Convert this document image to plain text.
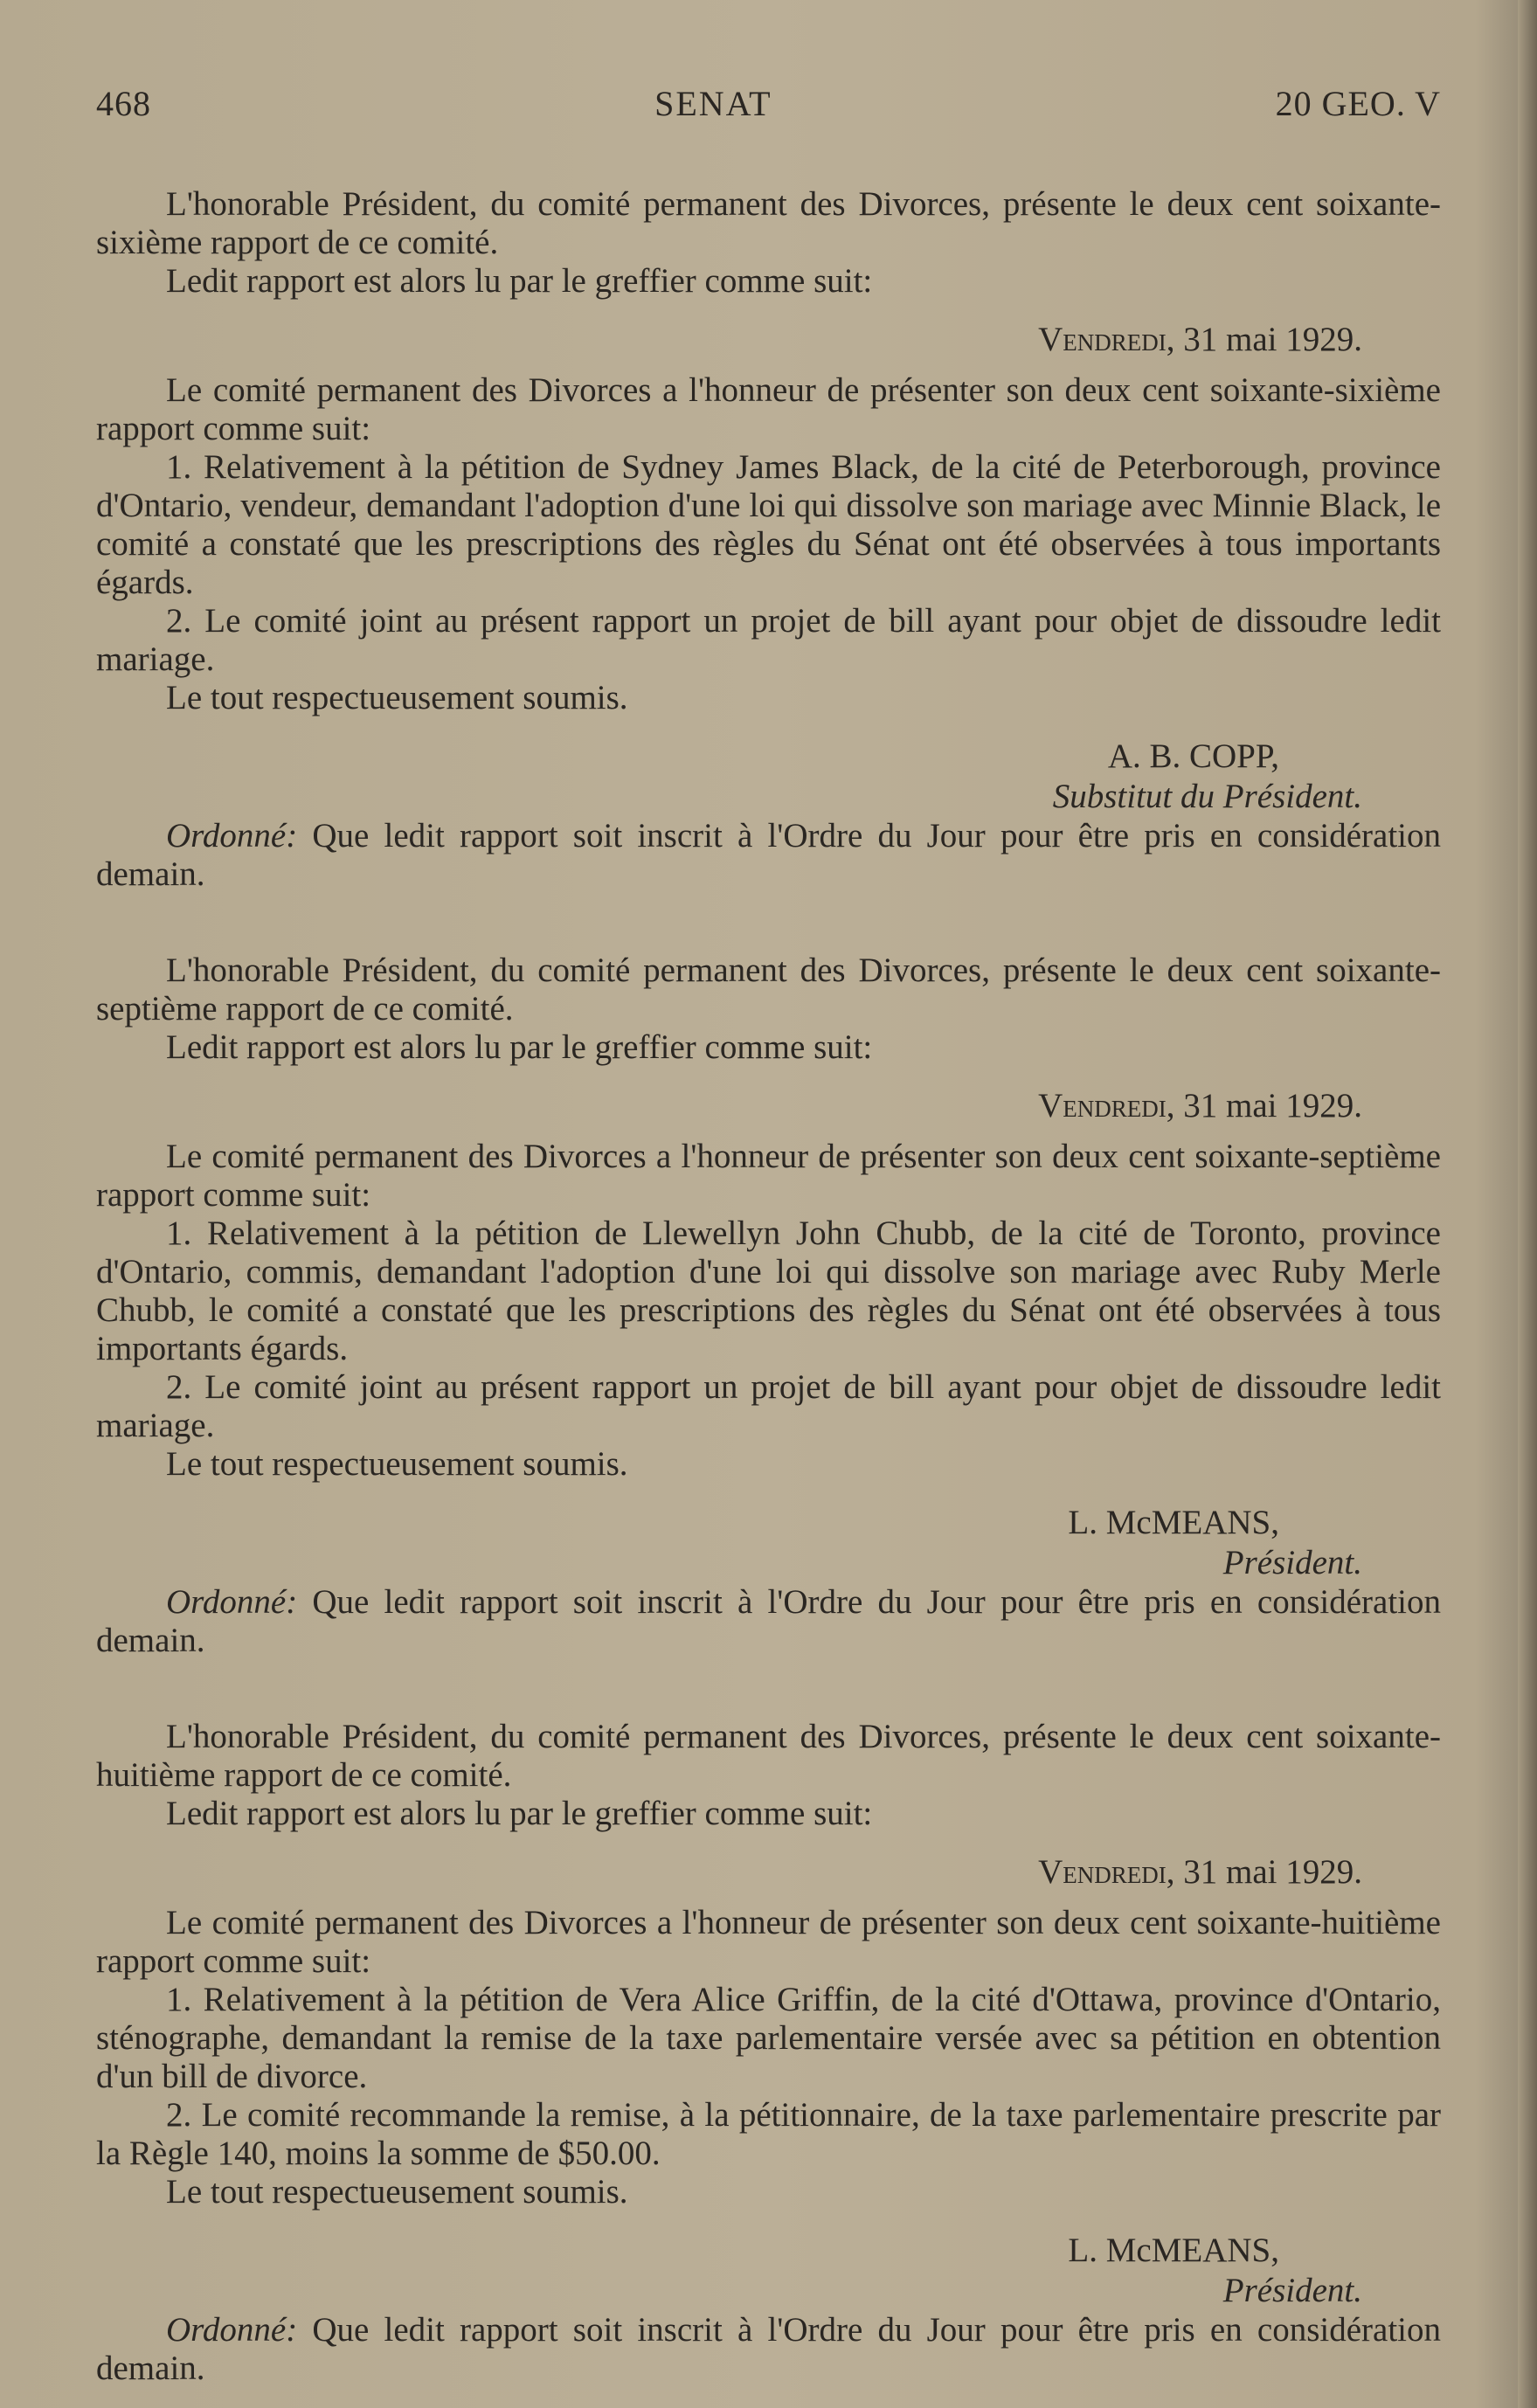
468	SENAT	20 GEO. V

L'honorable Président, du comité permanent des Divorces, présente le deux cent soixante-sixième rapport de ce comité.

Ledit rapport est alors lu par le greffier comme suit:

Vendredi, 31 mai 1929.

Le comité permanent des Divorces a l'honneur de présenter son deux cent soixante-sixième rapport comme suit:

1. Relativement à la pétition de Sydney James Black, de la cité de Peterborough, province d'Ontario, vendeur, demandant l'adoption d'une loi qui dissolve son mariage avec Minnie Black, le comité a constaté que les prescriptions des règles du Sénat ont été observées à tous importants égards.

2. Le comité joint au présent rapport un projet de bill ayant pour objet de dissoudre ledit mariage.

Le tout respectueusement soumis.

A. B. COPP,
Substitut du Président.

Ordonné: Que ledit rapport soit inscrit à l'Ordre du Jour pour être pris en considération demain.

L'honorable Président, du comité permanent des Divorces, présente le deux cent soixante-septième rapport de ce comité.

Ledit rapport est alors lu par le greffier comme suit:

Vendredi, 31 mai 1929.

Le comité permanent des Divorces a l'honneur de présenter son deux cent soixante-septième rapport comme suit:

1. Relativement à la pétition de Llewellyn John Chubb, de la cité de Toronto, province d'Ontario, commis, demandant l'adoption d'une loi qui dissolve son mariage avec Ruby Merle Chubb, le comité a constaté que les prescriptions des règles du Sénat ont été observées à tous importants égards.

2. Le comité joint au présent rapport un projet de bill ayant pour objet de dissoudre ledit mariage.

Le tout respectueusement soumis.

L. McMEANS,
Président.

Ordonné: Que ledit rapport soit inscrit à l'Ordre du Jour pour être pris en considération demain.

L'honorable Président, du comité permanent des Divorces, présente le deux cent soixante-huitième rapport de ce comité.

Ledit rapport est alors lu par le greffier comme suit:

Vendredi, 31 mai 1929.

Le comité permanent des Divorces a l'honneur de présenter son deux cent soixante-huitième rapport comme suit:

1. Relativement à la pétition de Vera Alice Griffin, de la cité d'Ottawa, province d'Ontario, sténographe, demandant la remise de la taxe parlementaire versée avec sa pétition en obtention d'un bill de divorce.

2. Le comité recommande la remise, à la pétitionnaire, de la taxe parlementaire prescrite par la Règle 140, moins la somme de $50.00.

Le tout respectueusement soumis.

L. McMEANS,
Président.

Ordonné: Que ledit rapport soit inscrit à l'Ordre du Jour pour être pris en considération demain.
